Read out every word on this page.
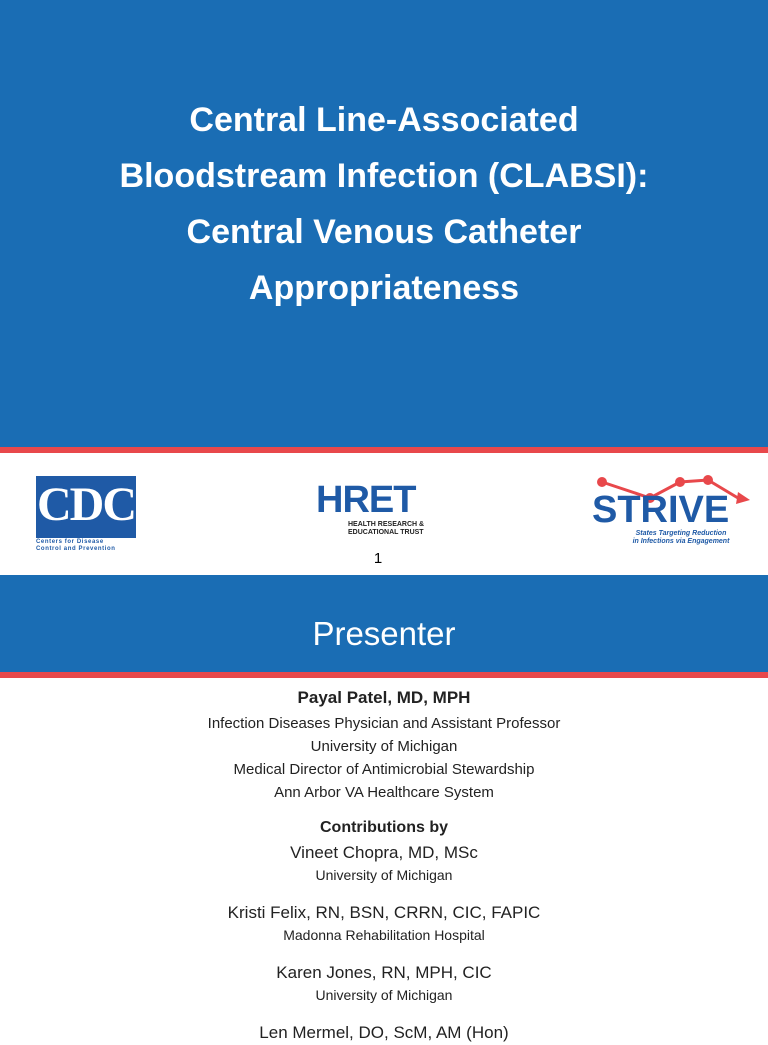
Central Line-Associated
Bloodstream Infection (CLABSI):
Central Venous Catheter
Appropriateness
CDC
Centers for Disease
Control and Prevention
HRET
HEALTH RESEARCH &
EDUCATIONAL TRUST
STRIVE
States Targeting Reduction
in Infections via Engagement
1
Presenter
Payal Patel, MD, MPH
Infection Diseases Physician and Assistant Professor
University of Michigan
Medical Director of Antimicrobial Stewardship
Ann Arbor VA Healthcare System
Contributions by
Vineet Chopra, MD, MSc
University of Michigan
Kristi Felix, RN, BSN, CRRN, CIC, FAPIC
Madonna Rehabilitation Hospital
Karen Jones, RN, MPH, CIC
University of Michigan
Len Mermel, DO, ScM, AM (Hon)
